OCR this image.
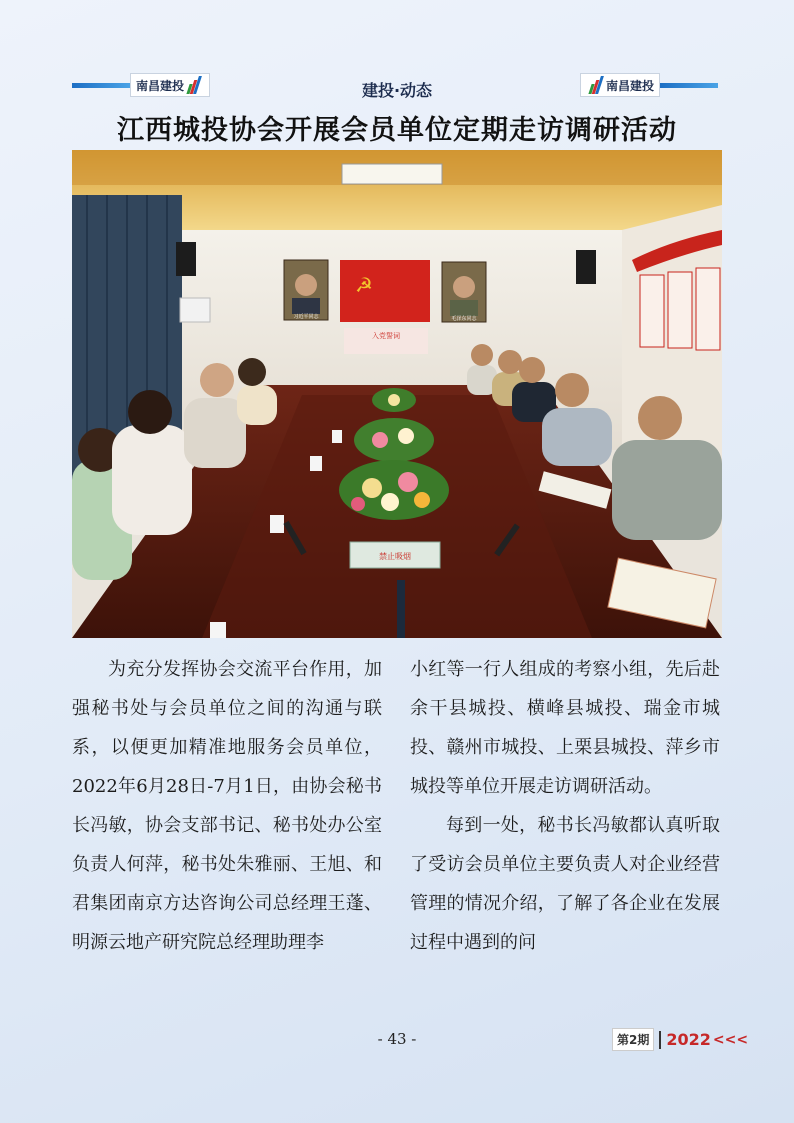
南昌建投	建投·动态	南昌建投
江西城投协会开展会员单位定期走访调研活动
☭
习近平同志	毛泽东同志
入党誓词
禁止吸烟

为充分发挥协会交流平台作用，加强秘书处与会员单位之间的沟通与联系，以便更加精准地服务会员单位，2022年6月28日-7月1日，由协会秘书长冯敏，协会支部书记、秘书处办公室负责人何萍，秘书处朱雅丽、王旭、和君集团南京方达咨询公司总经理王蓬、明源云地产研究院总经理助理李

小红等一行人组成的考察小组，先后赴余干县城投、横峰县城投、瑞金市城投、赣州市城投、上栗县城投、萍乡市城投等单位开展走访调研活动。

每到一处，秘书长冯敏都认真听取了受访会员单位主要负责人对企业经营管理的情况介绍，了解了各企业在发展过程中遇到的问

- 43 -	第2期	2022 <<<
